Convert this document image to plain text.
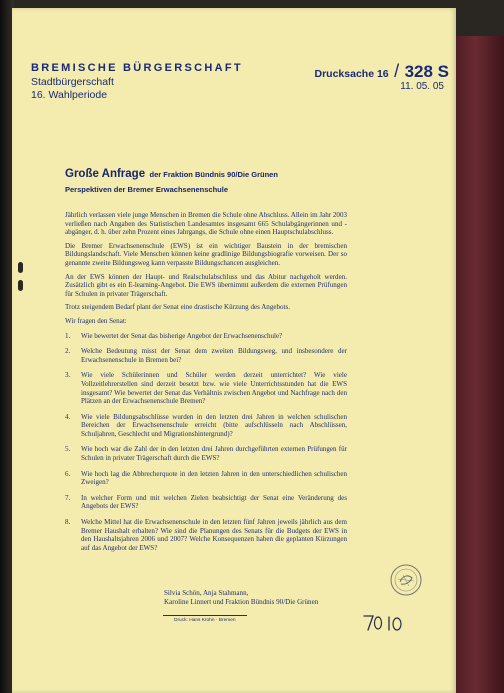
BREMISCHE BÜRGERSCHAFT
Stadtbürgerschaft
16. Wahlperiode
Drucksache 16 / 328 S
11. 05. 05
Große Anfrage der Fraktion Bündnis 90/Die Grünen
Perspektiven der Bremer Erwachsenenschule

Jährlich verlassen viele junge Menschen in Bremen die Schule ohne Abschluss. Allein im Jahr 2003 verließen nach Angaben des Statistischen Landesamtes insgesamt 665 Schulabgängerinnen und -abgänger, d. h. über zehn Prozent eines Jahrgangs, die Schule ohne einen Hauptschulabschluss.

Die Bremer Erwachsenenschule (EWS) ist ein wichtiger Baustein in der bremischen Bildungslandschaft. Viele Menschen können keine gradlinige Bildungsbiografie vorweisen. Der so genannte zweite Bildungsweg kann verpasste Bildungschancen ausgleichen.

An der EWS können der Haupt- und Realschulabschluss und das Abitur nachgeholt werden. Zusätzlich gibt es ein E-learning-Angebot. Die EWS übernimmt außerdem die externen Prüfungen für Schulen in privater Trägerschaft.

Trotz steigendem Bedarf plant der Senat eine drastische Kürzung des Angebots.

Wir fragen den Senat:

1. Wie bewertet der Senat das bisherige Angebot der Erwachsenenschule?
2. Welche Bedeutung misst der Senat dem zweiten Bildungsweg, und insbesondere der Erwachsenenschule in Bremen bei?
3. Wie viele Schülerinnen und Schüler werden derzeit unterrichtet? Wie viele Vollzeitlehrerstellen sind derzeit besetzt bzw. wie viele Unterrichtsstunden hat die EWS insgesamt? Wie bewertet der Senat das Verhältnis zwischen Angebot und Nachfrage nach den Plätzen an der Erwachsenenschule Bremen?
4. Wie viele Bildungsabschlüsse wurden in den letzten drei Jahren in welchen schulischen Bereichen der Erwachsenenschule erreicht (bitte aufschlüsseln nach Abschlüssen, Schuljahren, Geschlecht und Migrationshintergrund)?
5. Wie hoch war die Zahl der in den letzten drei Jahren durchgeführten externen Prüfungen für Schulen in privater Trägerschaft durch die EWS?
6. Wie hoch lag die Abbrecherquote in den letzten Jahren in den unterschiedlichen schulischen Zweigen?
7. In welcher Form und mit welchen Zielen beabsichtigt der Senat eine Veränderung des Angebots der EWS?
8. Welche Mittel hat die Erwachsenenschule in den letzten fünf Jahren jeweils jährlich aus dem Bremer Haushalt erhalten? Wie sind die Planungen des Senats für die Budgets der EWS in den Haushaltsjahren 2006 und 2007? Welche Konsequenzen haben die geplanten Kürzungen auf das Angebot der EWS?
Silvia Schön, Anja Stahmann,
Karoline Linnert und Fraktion Bündnis 90/Die Grünen
Druck: Hans Krohn · Bremen
